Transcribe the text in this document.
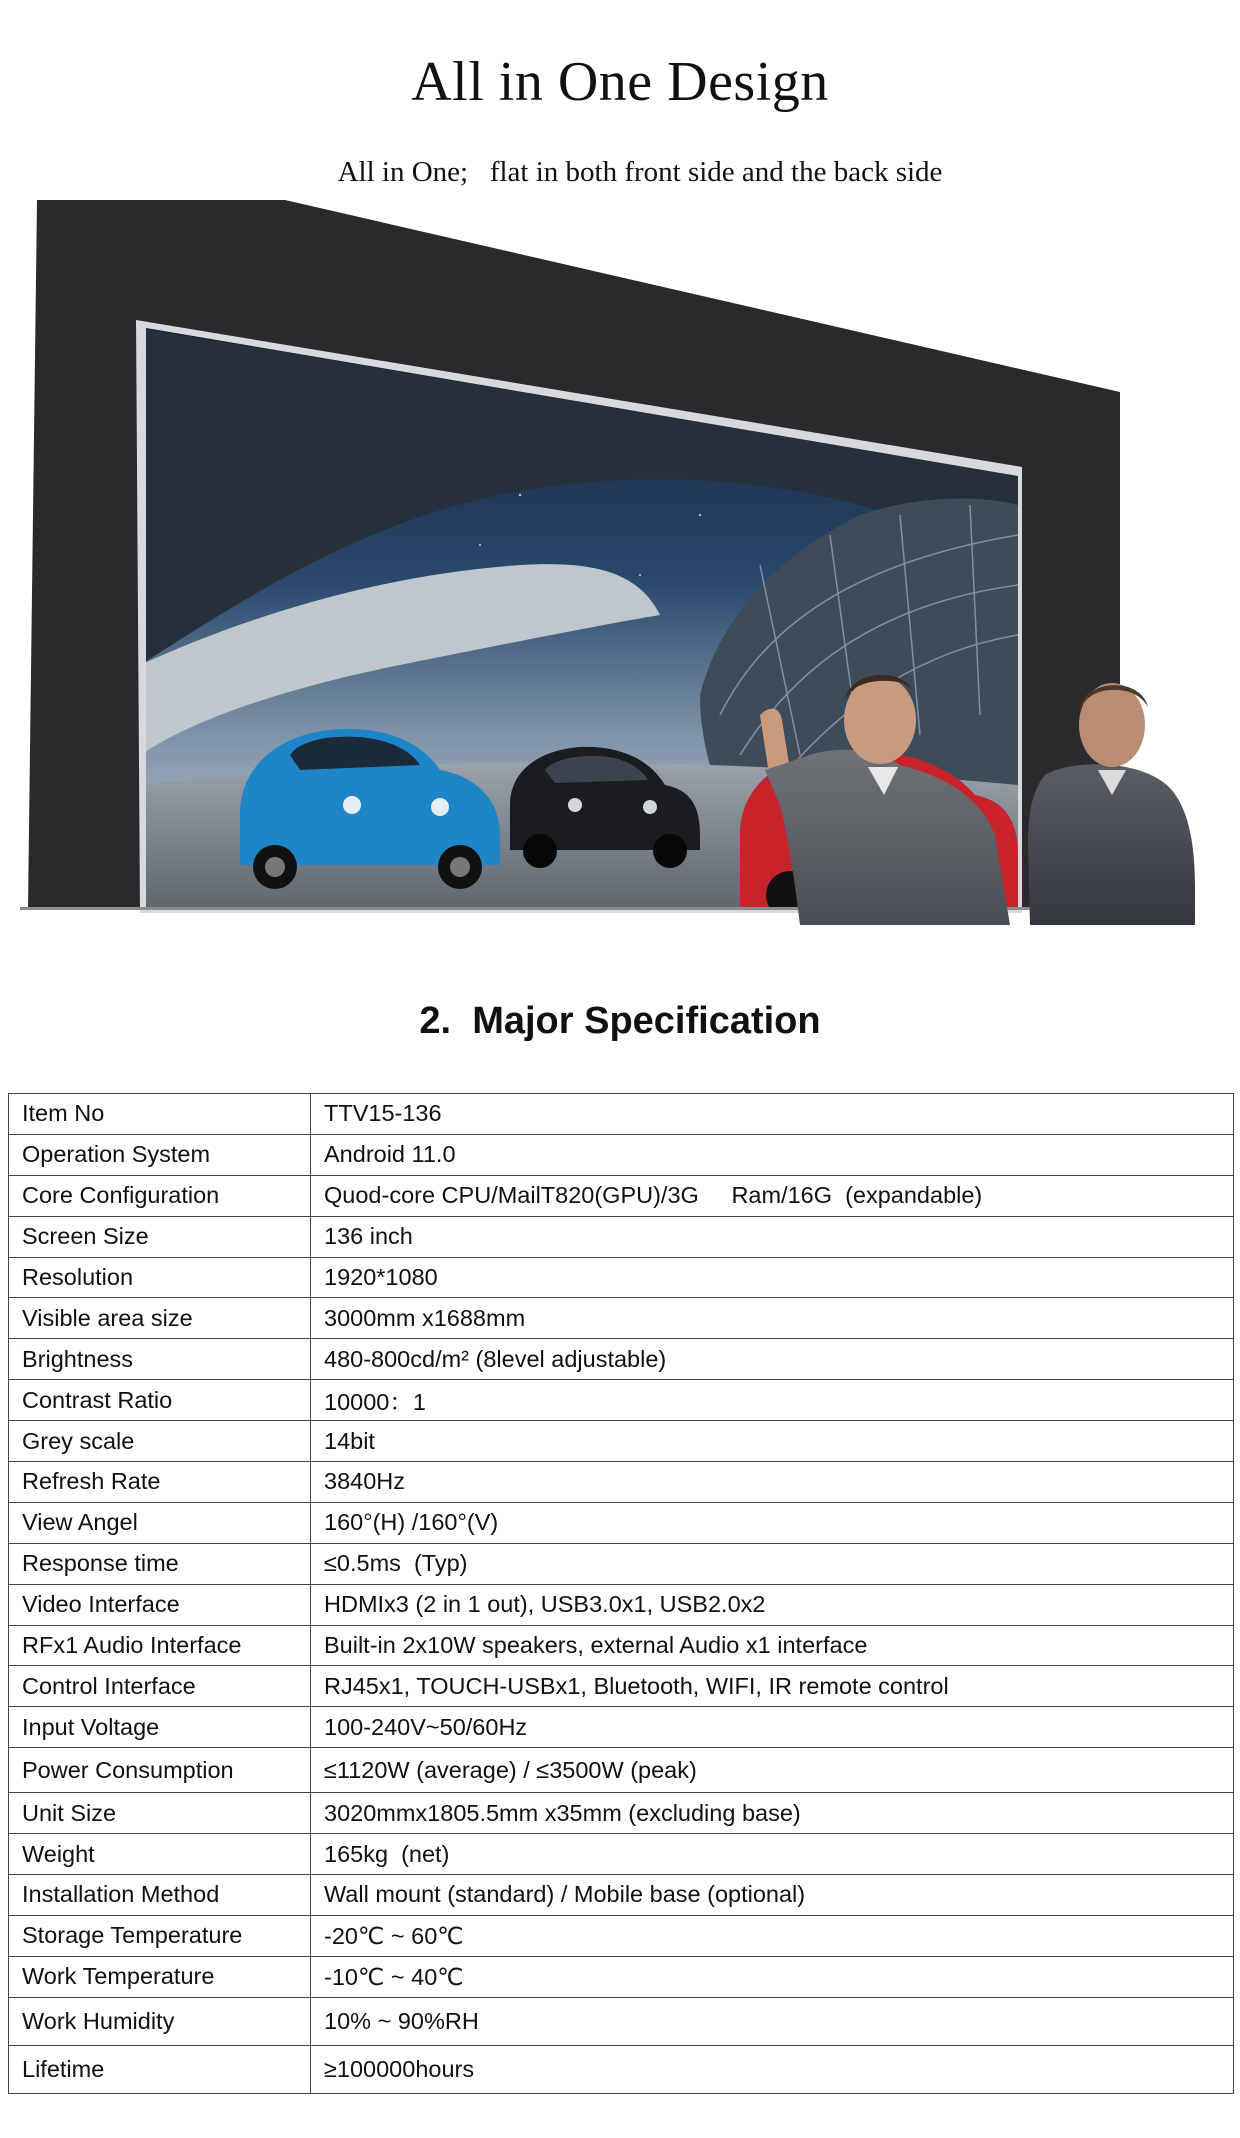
All in One Design
All in One;   flat in both front side and the back side
2.  Major Specification
Item No	TTV15-136
Operation System	Android 11.0
Core Configuration	Quod-core CPU/MailT820(GPU)/3G     Ram/16G  (expandable)
Screen Size	136 inch
Resolution	1920*1080
Visible area size	3000mm x1688mm
Brightness	480-800cd/m² (8level adjustable)
Contrast Ratio	10000：1
Grey scale	14bit
Refresh Rate	3840Hz
View Angel	160°(H) /160°(V)
Response time	≤0.5ms  (Typ)
Video Interface	HDMIx3 (2 in 1 out), USB3.0x1, USB2.0x2
RFx1 Audio Interface	Built-in 2x10W speakers, external Audio x1 interface
Control Interface	RJ45x1, TOUCH-USBx1, Bluetooth, WIFI, IR remote control
Input Voltage	100-240V~50/60Hz
Power Consumption	≤1120W (average) / ≤3500W (peak)
Unit Size	3020mmx1805.5mm x35mm (excluding base)
Weight	165kg  (net)
Installation Method	Wall mount (standard) / Mobile base (optional)
Storage Temperature	-20℃ ~ 60℃
Work Temperature	-10℃ ~ 40℃
Work Humidity	10% ~ 90%RH
Lifetime	≥100000hours
